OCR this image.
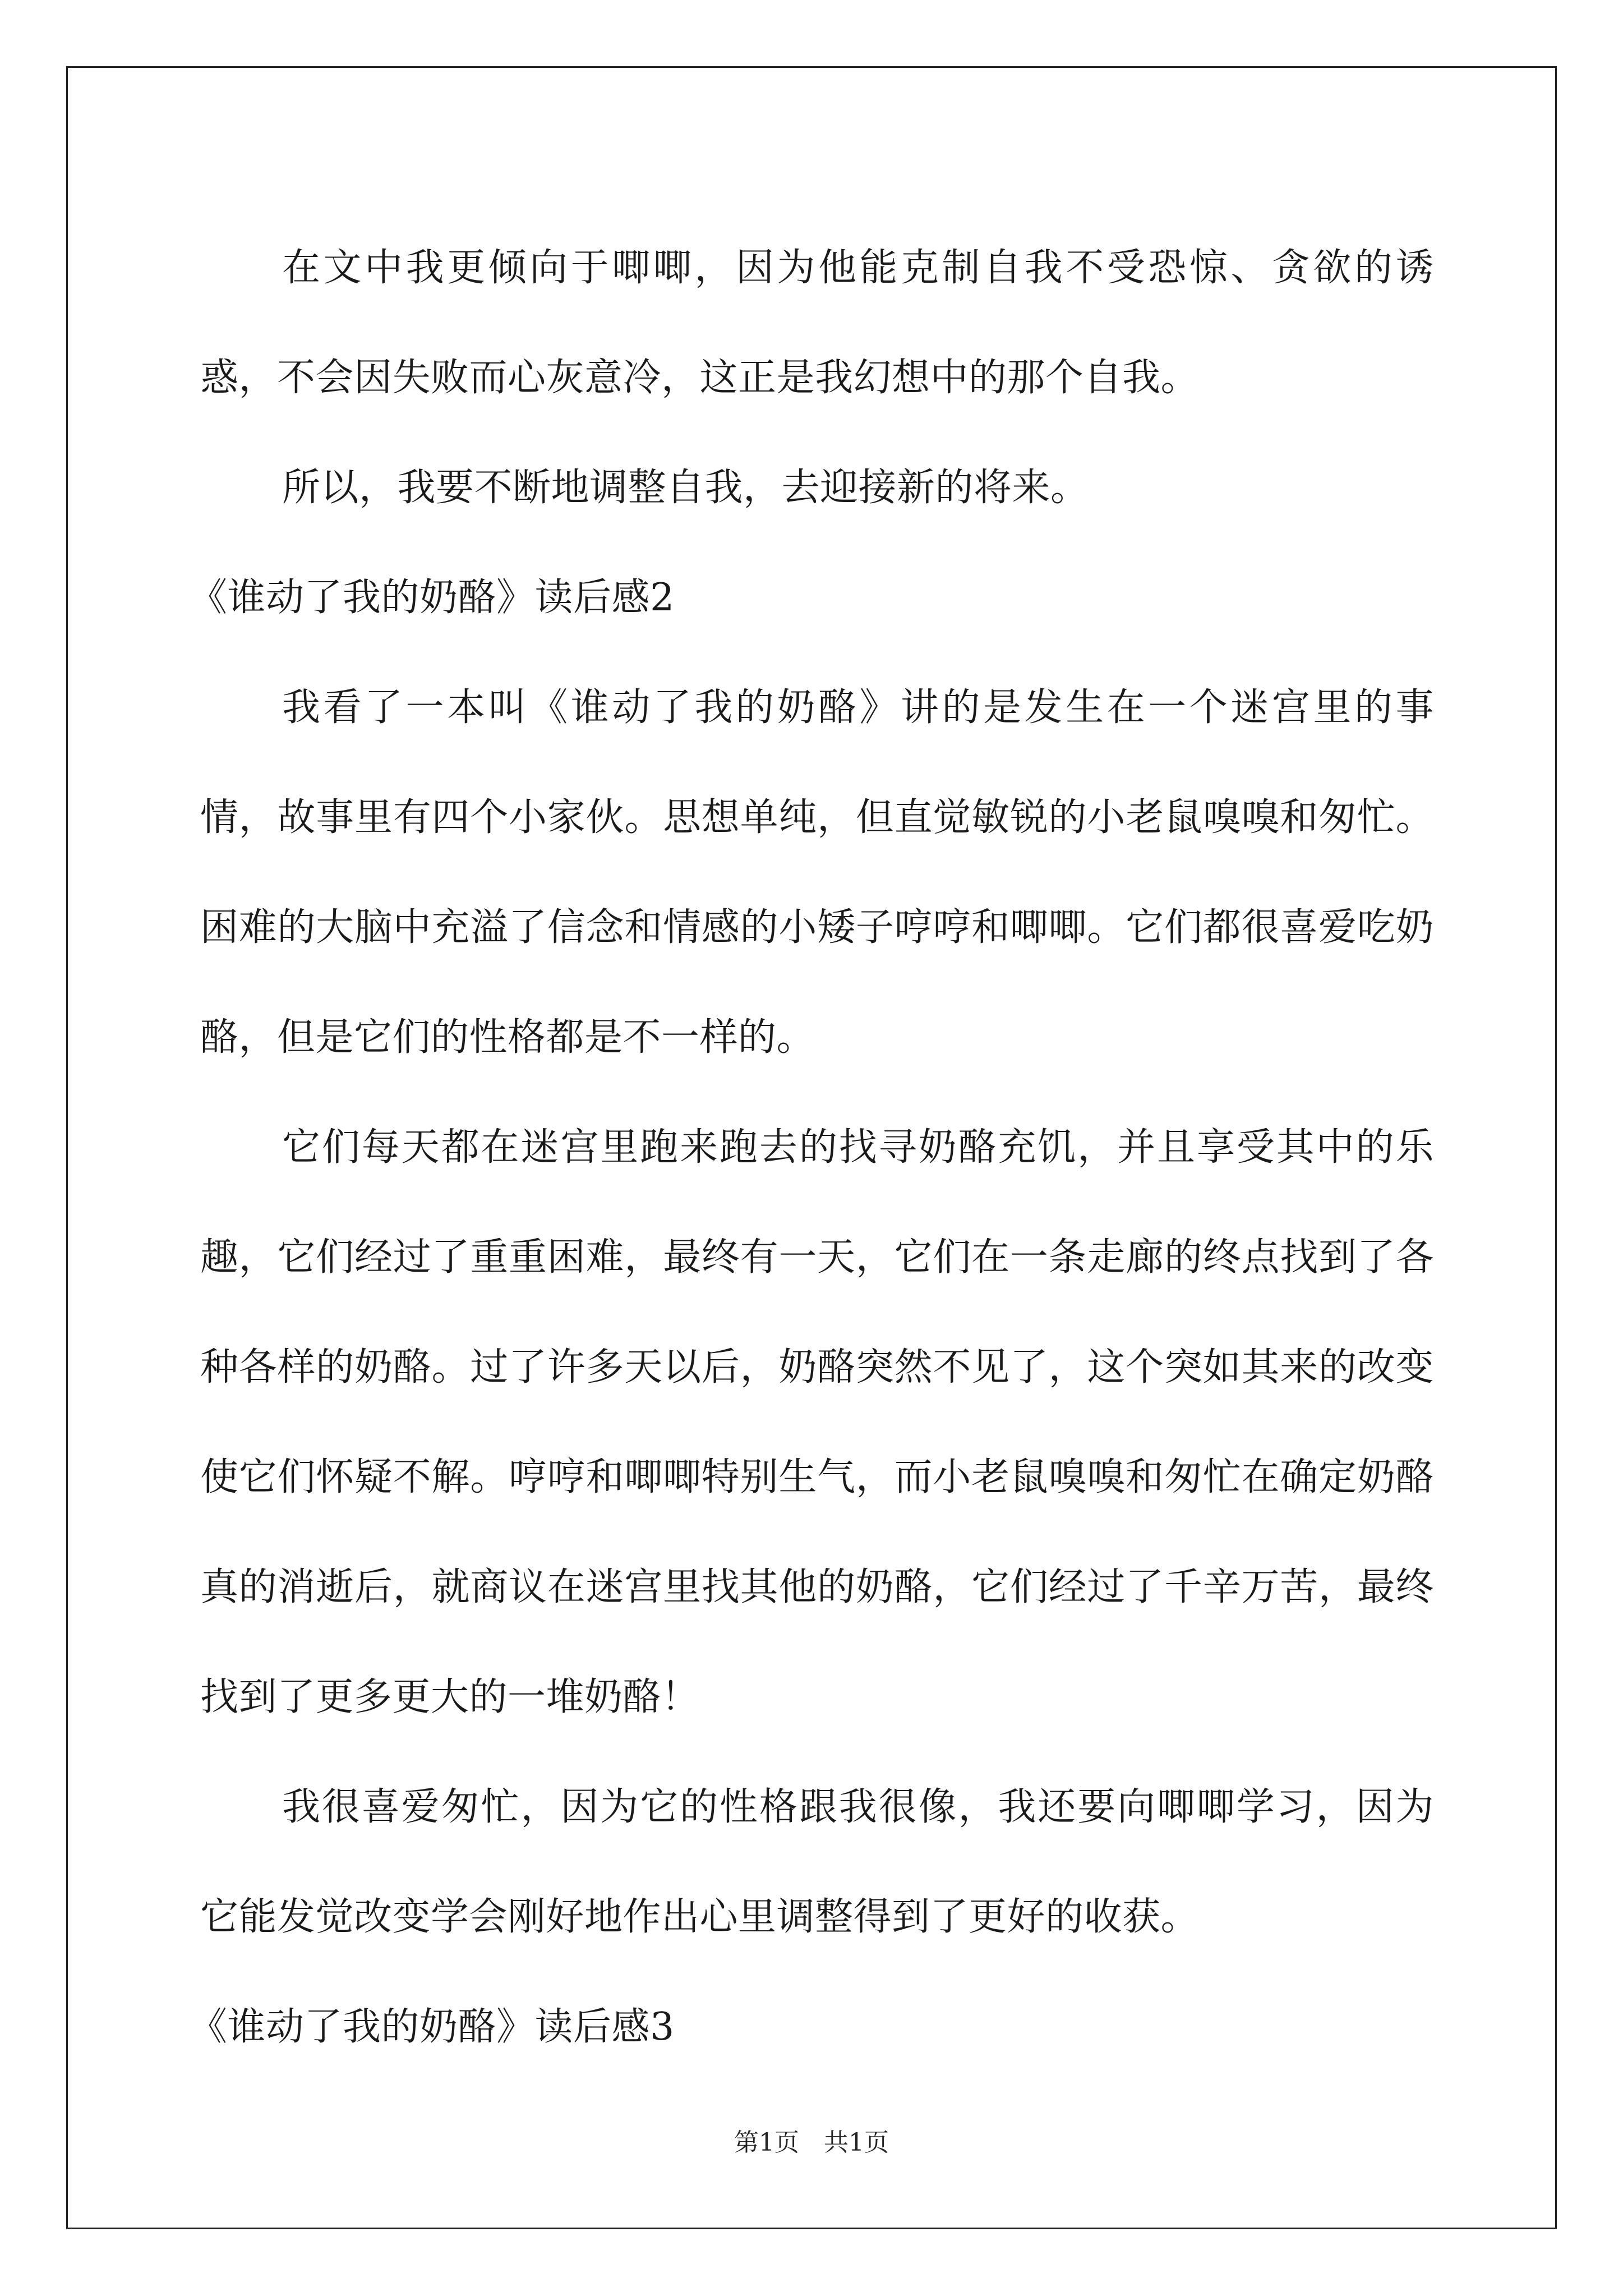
在文中我更倾向于唧唧，因为他能克制自我不受恐惊、贪欲的诱惑，不会因失败而心灰意冷，这正是我幻想中的那个自我。

所以，我要不断地调整自我，去迎接新的将来。

《谁动了我的奶酪》读后感2

我看了一本叫《谁动了我的奶酪》讲的是发生在一个迷宫里的事情，故事里有四个小家伙。思想单纯，但直觉敏锐的小老鼠嗅嗅和匆忙。困难的大脑中充溢了信念和情感的小矮子哼哼和唧唧。它们都很喜爱吃奶酪，但是它们的性格都是不一样的。

它们每天都在迷宫里跑来跑去的找寻奶酪充饥，并且享受其中的乐趣，它们经过了重重困难，最终有一天，它们在一条走廊的终点找到了各种各样的奶酪。过了许多天以后，奶酪突然不见了，这个突如其来的改变使它们怀疑不解。哼哼和唧唧特别生气，而小老鼠嗅嗅和匆忙在确定奶酪真的消逝后，就商议在迷宫里找其他的奶酪，它们经过了千辛万苦，最终找到了更多更大的一堆奶酪！

我很喜爱匆忙，因为它的性格跟我很像，我还要向唧唧学习，因为它能发觉改变学会刚好地作出心里调整得到了更好的收获。

《谁动了我的奶酪》读后感3

第1页　共1页
